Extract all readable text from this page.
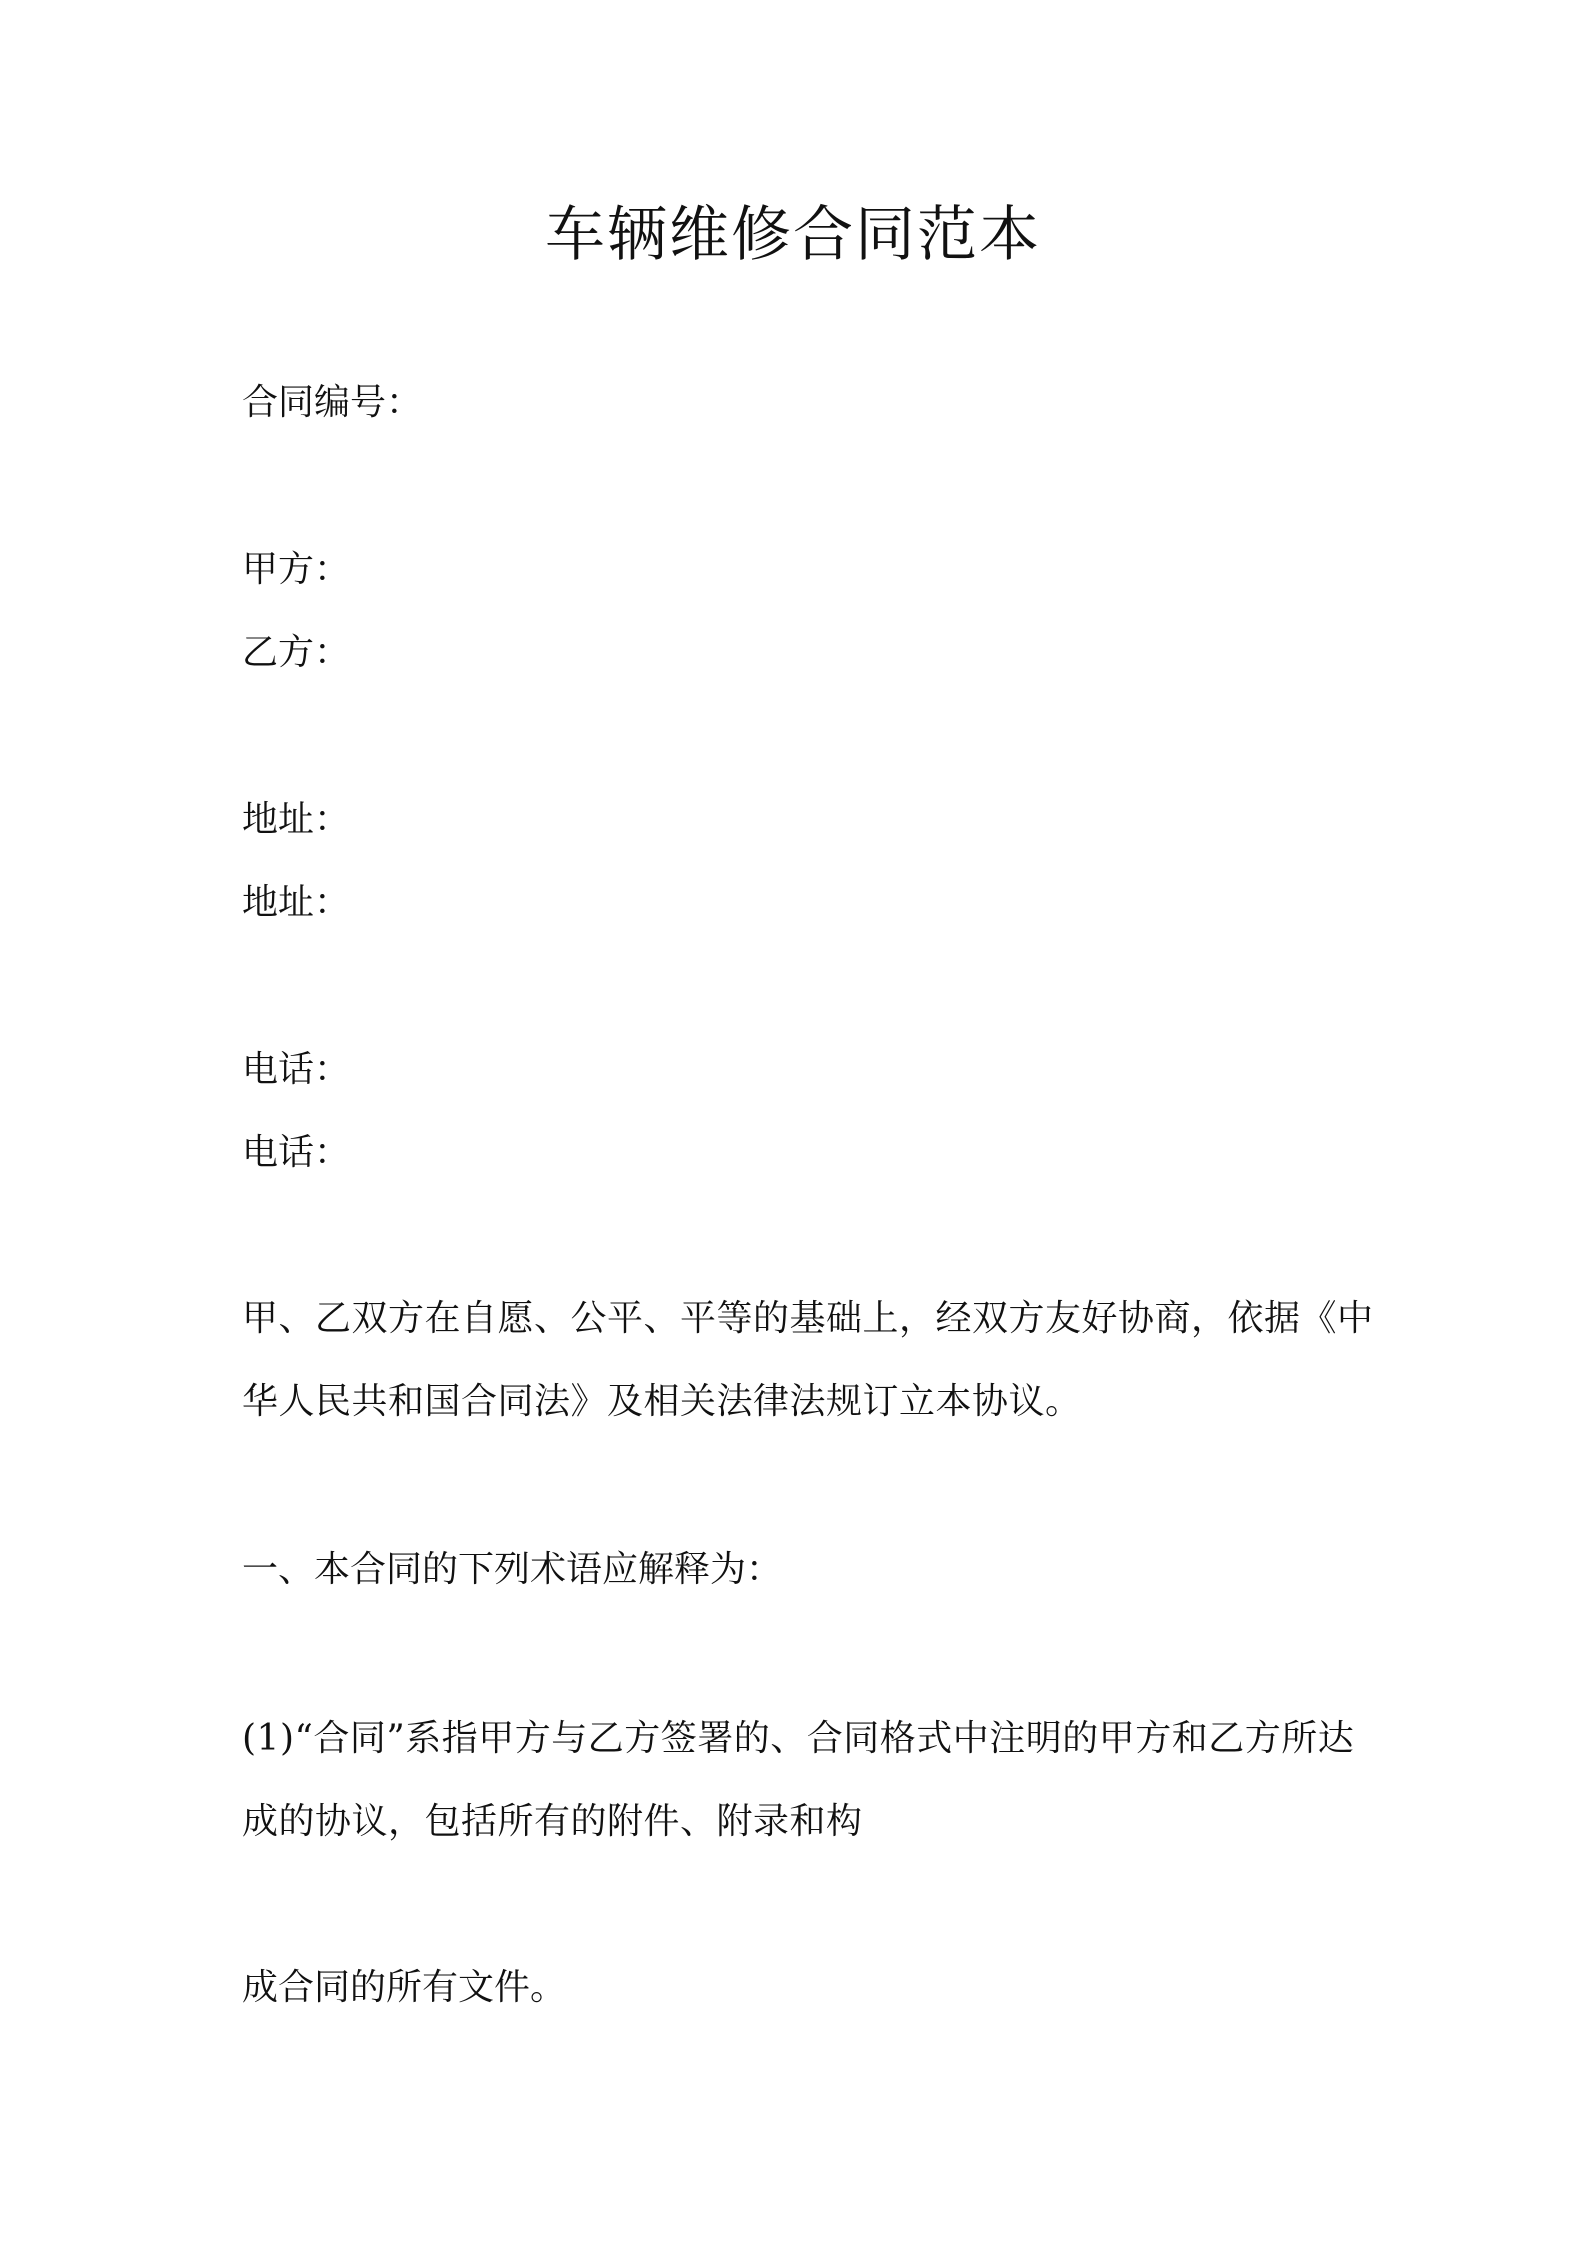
车辆维修合同范本
合同编号：
甲方：
乙方：
地址：
地址：
电话：
电话：
甲、乙双方在自愿、公平、平等的基础上，经双方友好协商，依据《中
华人民共和国合同法》及相关法律法规订立本协议。
一、本合同的下列术语应解释为：
(1)“合同”系指甲方与乙方签署的、合同格式中注明的甲方和乙方所达
成的协议，包括所有的附件、附录和构
成合同的所有文件。
